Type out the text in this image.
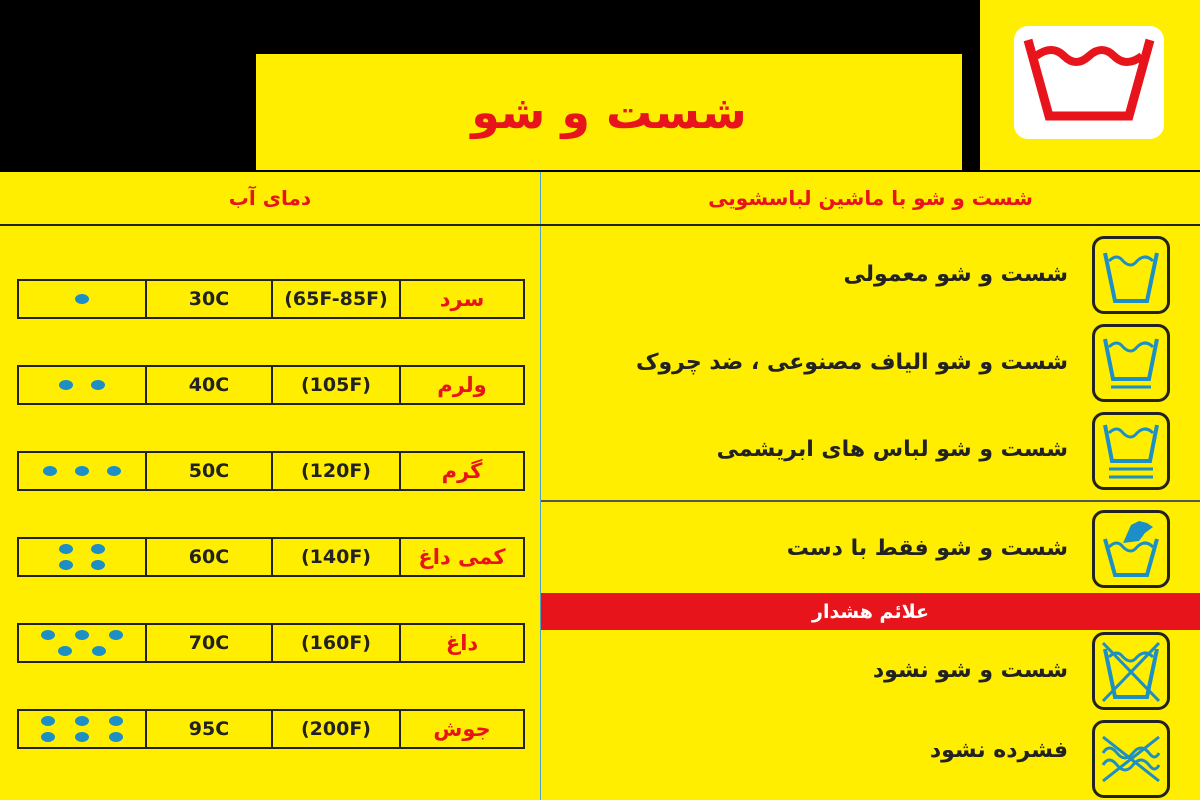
شست و شو
دمای آب	شست و شو با ماشین لباسشویی
30C	(65F-85F)	سرد
40C	(105F)	ولرم
50C	(120F)	گرم
60C	(140F)	کمی داغ
70C	(160F)	داغ
95C	(200F)	جوش
شست و شو معمولی
شست و شو الیاف مصنوعی ، ضد چروک
شست و شو لباس های ابریشمی
شست و شو فقط با دست
علائم هشدار
شست و شو نشود
فشرده نشود
